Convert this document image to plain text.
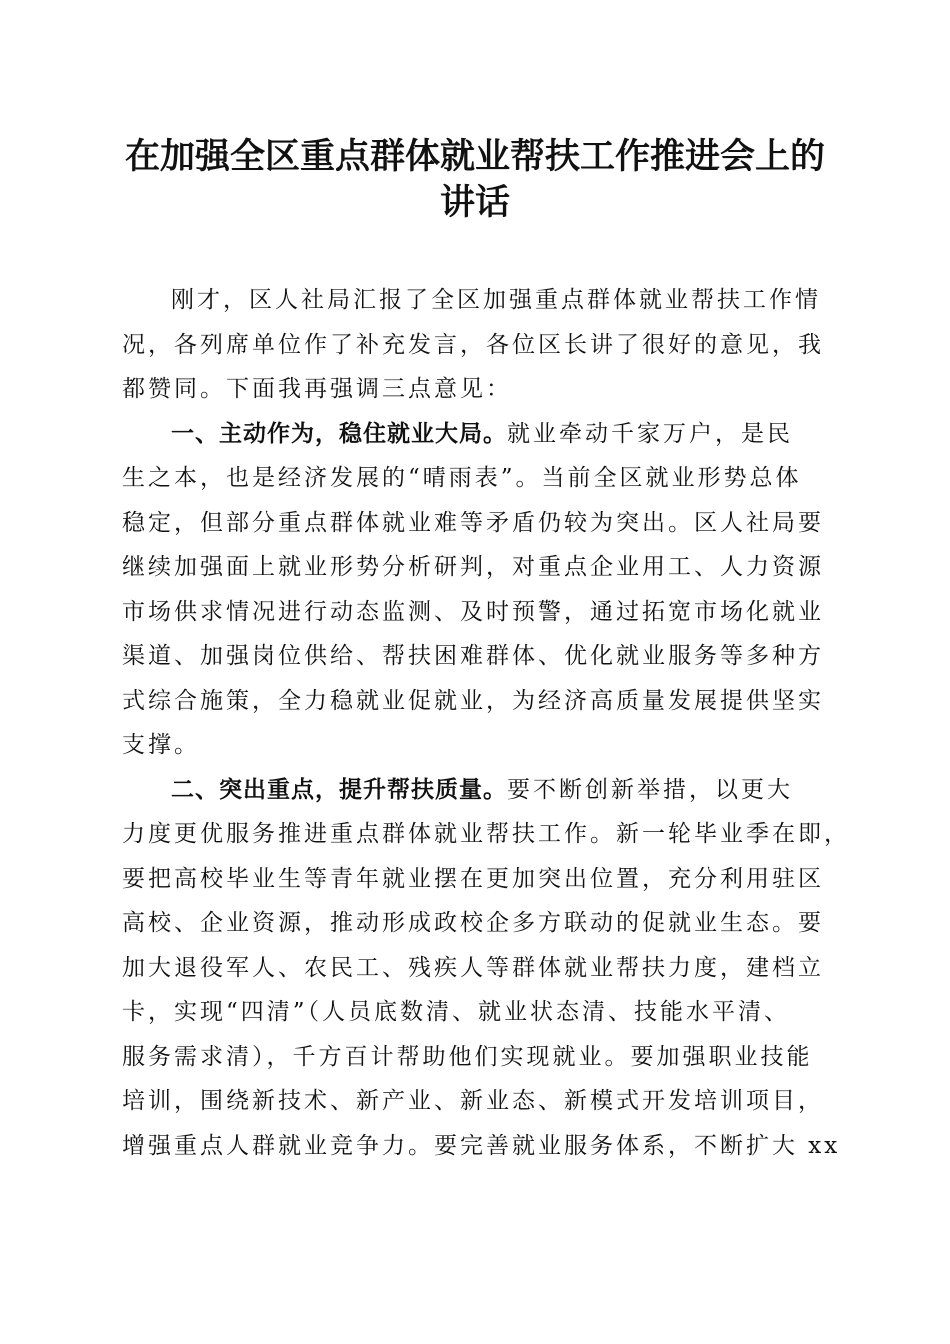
在加强全区重点群体就业帮扶工作推进会上的
讲话
刚才，区人社局汇报了全区加强重点群体就业帮扶工作情
况，各列席单位作了补充发言，各位区长讲了很好的意见，我
都赞同。下面我再强调三点意见：
一、主动作为，稳住就业大局。就业牵动千家万户，是民
生之本，也是经济发展的“晴雨表”。当前全区就业形势总体
稳定，但部分重点群体就业难等矛盾仍较为突出。区人社局要
继续加强面上就业形势分析研判，对重点企业用工、人力资源
市场供求情况进行动态监测、及时预警，通过拓宽市场化就业
渠道、加强岗位供给、帮扶困难群体、优化就业服务等多种方
式综合施策，全力稳就业促就业，为经济高质量发展提供坚实
支撑。
二、突出重点，提升帮扶质量。要不断创新举措，以更大
力度更优服务推进重点群体就业帮扶工作。新一轮毕业季在即，
要把高校毕业生等青年就业摆在更加突出位置，充分利用驻区
高校、企业资源，推动形成政校企多方联动的促就业生态。要
加大退役军人、农民工、残疾人等群体就业帮扶力度，建档立
卡，实现“四清”（人员底数清、就业状态清、技能水平清、
服务需求清），千方百计帮助他们实现就业。要加强职业技能
培训，围绕新技术、新产业、新业态、新模式开发培训项目，
增强重点人群就业竞争力。要完善就业服务体系，不断扩大 xx
